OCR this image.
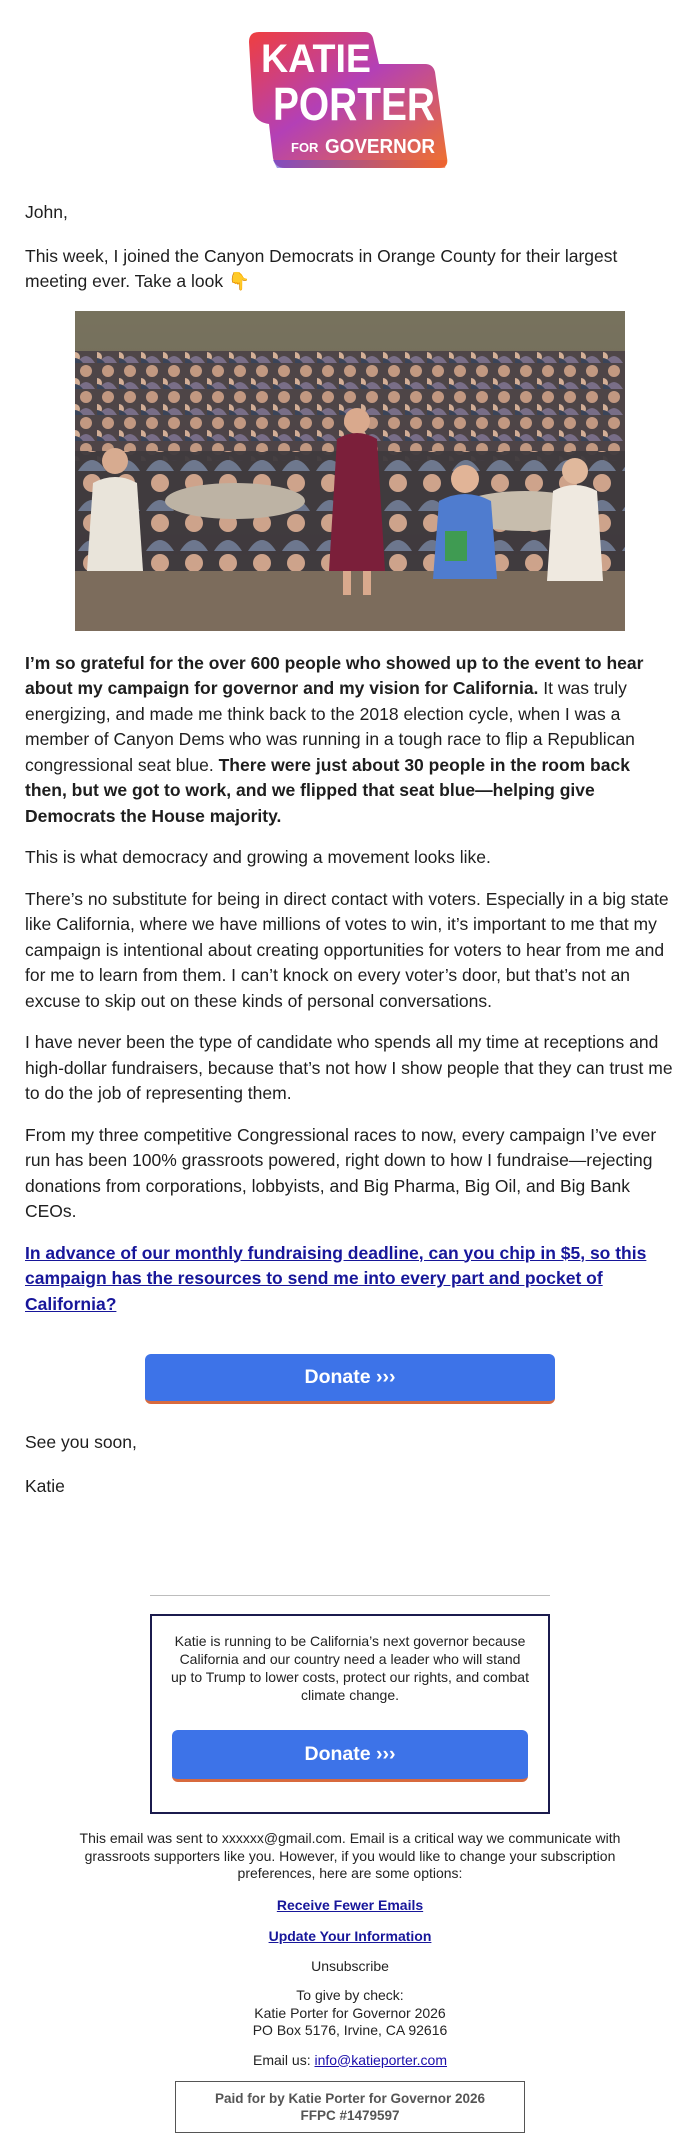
KATIE
PORTER
FOR GOVERNOR

John,

This week, I joined the Canyon Democrats in Orange County for their largest meeting ever. Take a look 👇

I’m so grateful for the over 600 people who showed up to the event to hear about my campaign for governor and my vision for California. It was truly energizing, and made me think back to the 2018 election cycle, when I was a member of Canyon Dems who was running in a tough race to flip a Republican congressional seat blue. There were just about 30 people in the room back then, but we got to work, and we flipped that seat blue—helping give Democrats the House majority.

This is what democracy and growing a movement looks like.

There’s no substitute for being in direct contact with voters. Especially in a big state like California, where we have millions of votes to win, it’s important to me that my campaign is intentional about creating opportunities for voters to hear from me and for me to learn from them. I can’t knock on every voter’s door, but that’s not an excuse to skip out on these kinds of personal conversations.

I have never been the type of candidate who spends all my time at receptions and high-dollar fundraisers, because that’s not how I show people that they can trust me to do the job of representing them.

From my three competitive Congressional races to now, every campaign I’ve ever run has been 100% grassroots powered, right down to how I fundraise—rejecting donations from corporations, lobbyists, and Big Pharma, Big Oil, and Big Bank CEOs.

In advance of our monthly fundraising deadline, can you chip in $5, so this campaign has the resources to send me into every part and pocket of California?

Donate ›››

See you soon,

Katie

Katie is running to be California’s next governor because California and our country need a leader who will stand up to Trump to lower costs, protect our rights, and combat climate change.
Donate ›››
This email was sent to xxxxxx@gmail.com. Email is a critical way we communicate with grassroots supporters like you. However, if you would like to change your subscription preferences, here are some options:
Receive Fewer Emails
Update Your Information
Unsubscribe
To give by check:
Katie Porter for Governor 2026
PO Box 5176, Irvine, CA 92616
Email us: info@katieporter.com
Paid for by Katie Porter for Governor 2026
FFPC #1479597
